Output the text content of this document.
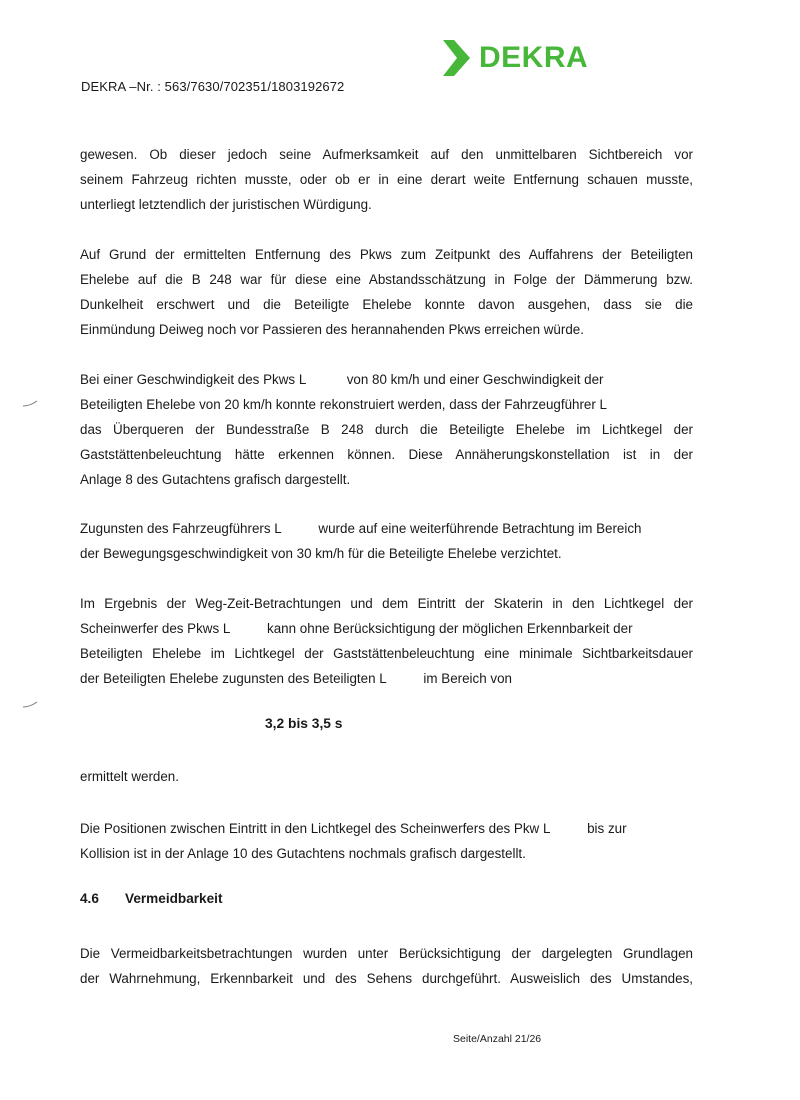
DEKRA
DEKRA –Nr. : 563/7630/702351/1803192672
gewesen. Ob dieser jedoch seine Aufmerksamkeit auf den unmittelbaren Sichtbereich vor
seinem Fahrzeug richten musste, oder ob er in eine derart weite Entfernung schauen musste,
unterliegt letztendlich der juristischen Würdigung.
Auf Grund der ermittelten Entfernung des Pkws zum Zeitpunkt des Auffahrens der Beteiligten
Ehelebe auf die B 248 war für diese eine Abstandsschätzung in Folge der Dämmerung bzw.
Dunkelheit erschwert und die Beteiligte Ehelebe konnte davon ausgehen, dass sie die
Einmündung Deiweg noch vor Passieren des herannahenden Pkws erreichen würde.
Bei einer Geschwindigkeit des Pkws L           von 80 km/h und einer Geschwindigkeit der
Beteiligten Ehelebe von 20 km/h konnte rekonstruiert werden, dass der Fahrzeugführer L
das Überqueren der Bundesstraße B 248 durch die Beteiligte Ehelebe im Lichtkegel der
Gaststättenbeleuchtung hätte erkennen können. Diese Annäherungskonstellation ist in der
Anlage 8 des Gutachtens grafisch dargestellt.
Zugunsten des Fahrzeugführers L          wurde auf eine weiterführende Betrachtung im Bereich
der Bewegungsgeschwindigkeit von 30 km/h für die Beteiligte Ehelebe verzichtet.
Im Ergebnis der Weg-Zeit-Betrachtungen und dem Eintritt der Skaterin in den Lichtkegel der
Scheinwerfer des Pkws L          kann ohne Berücksichtigung der möglichen Erkennbarkeit der
Beteiligten Ehelebe im Lichtkegel der Gaststättenbeleuchtung eine minimale Sichtbarkeitsdauer
der Beteiligten Ehelebe zugunsten des Beteiligten L          im Bereich von
3,2 bis 3,5 s
ermittelt werden.
Die Positionen zwischen Eintritt in den Lichtkegel des Scheinwerfers des Pkw L          bis zur
Kollision ist in der Anlage 10 des Gutachtens nochmals grafisch dargestellt.
4.6 Vermeidbarkeit
Die Vermeidbarkeitsbetrachtungen wurden unter Berücksichtigung der dargelegten Grundlagen
der Wahrnehmung, Erkennbarkeit und des Sehens durchgeführt. Ausweislich des Umstandes,
Seite/Anzahl 21/26
